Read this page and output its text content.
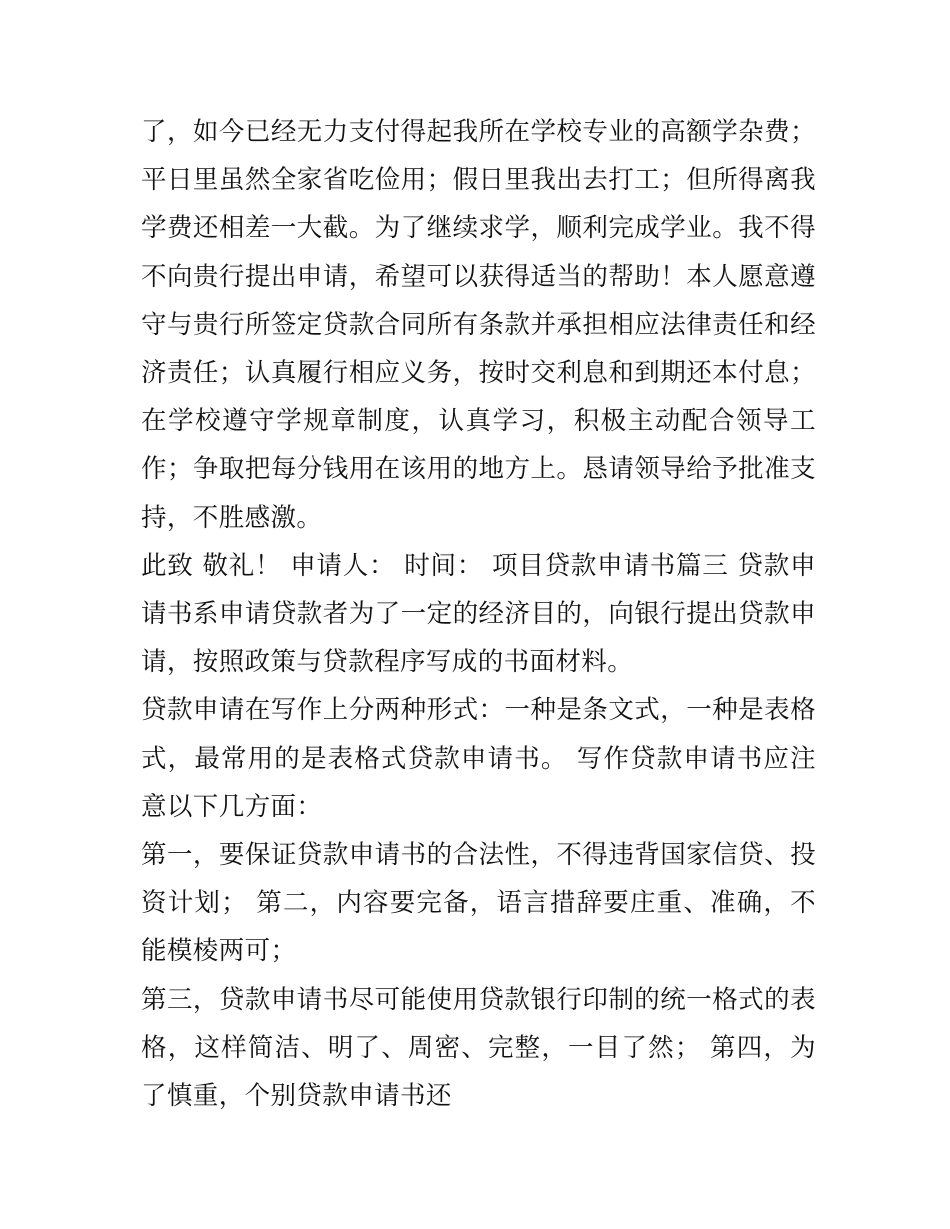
了，如今已经无力支付得起我所在学校专业的高额学杂费；平日里虽然全家省吃俭用；假日里我出去打工；但所得离我学费还相差一大截。为了继续求学，顺利完成学业。我不得不向贵行提出申请，希望可以获得适当的帮助！本人愿意遵守与贵行所签定贷款合同所有条款并承担相应法律责任和经济责任；认真履行相应义务，按时交利息和到期还本付息；在学校遵守学规章制度，认真学习，积极主动配合领导工作；争取把每分钱用在该用的地方上。恳请领导给予批准支持，不胜感激。

此致 敬礼！ 申请人： 时间： 项目贷款申请书篇三 贷款申请书系申请贷款者为了一定的经济目的，向银行提出贷款申请，按照政策与贷款程序写成的书面材料。

贷款申请在写作上分两种形式：一种是条文式，一种是表格式，最常用的是表格式贷款申请书。 写作贷款申请书应注意以下几方面：

第一，要保证贷款申请书的合法性，不得违背国家信贷、投资计划； 第二，内容要完备，语言措辞要庄重、准确，不能模棱两可；

第三，贷款申请书尽可能使用贷款银行印制的统一格式的表格，这样简洁、明了、周密、完整，一目了然； 第四，为了慎重，个别贷款申请书还
